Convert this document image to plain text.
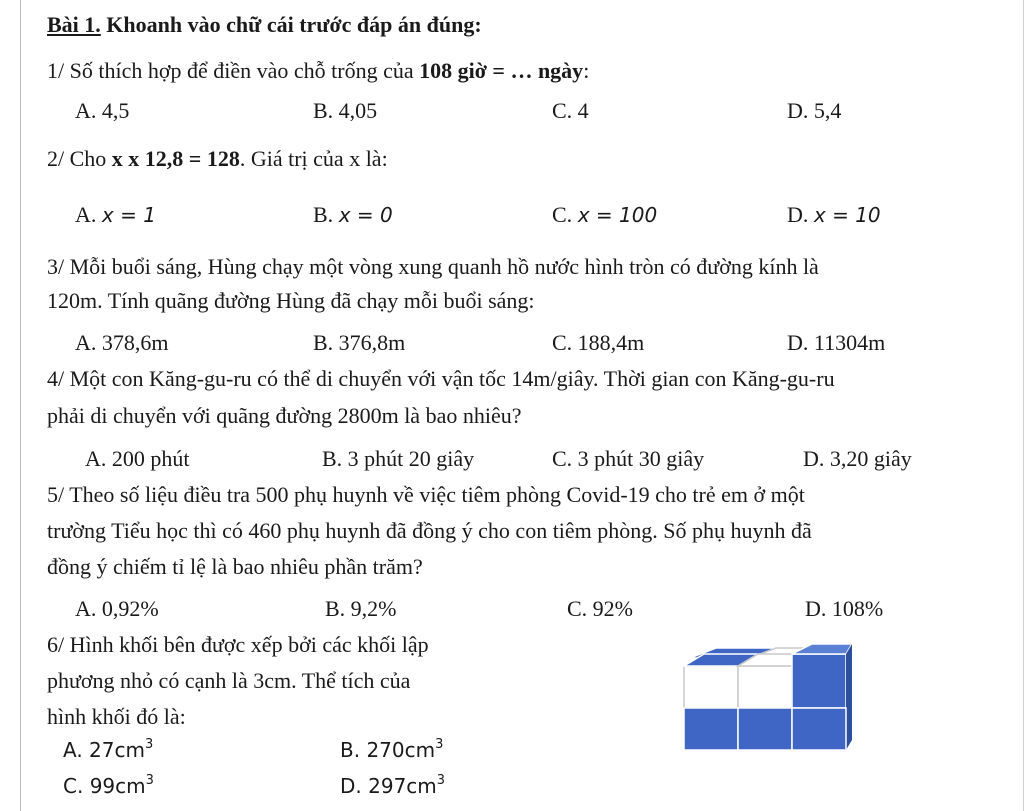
Bài 1. Khoanh vào chữ cái trước đáp án đúng:
1/ Số thích hợp để điền vào chỗ trống của 108 giờ = … ngày:
A. 4,5	B. 4,05	C. 4	D. 5,4
2/ Cho x x 12,8 = 128. Giá trị của x là:
A. x = 1	B. x = 0	C. x = 100	D. x = 10
3/ Mỗi buổi sáng, Hùng chạy một vòng xung quanh hồ nước hình tròn có đường kính là
120m. Tính quãng đường Hùng đã chạy mỗi buổi sáng:
A. 378,6m	B. 376,8m	C. 188,4m	D. 11304m
4/ Một con Kăng-gu-ru có thể di chuyển với vận tốc 14m/giây. Thời gian con Kăng-gu-ru
phải di chuyển với quãng đường 2800m là bao nhiêu?
A. 200 phút	B. 3 phút 20 giây	C. 3 phút 30 giây	D. 3,20 giây
5/ Theo số liệu điều tra 500 phụ huynh về việc tiêm phòng Covid-19 cho trẻ em ở một
trường Tiểu học thì có 460 phụ huynh đã đồng ý cho con tiêm phòng. Số phụ huynh đã
đồng ý chiếm tỉ lệ là bao nhiêu phần trăm?
A. 0,92%	B. 9,2%	C. 92%	D. 108%
6/ Hình khối bên được xếp bởi các khối lập
phương nhỏ có cạnh là 3cm. Thể tích của
hình khối đó là:
A. $27cm^3$	B. $270cm^3$
C. $99cm^3$	D. $297cm^3$
